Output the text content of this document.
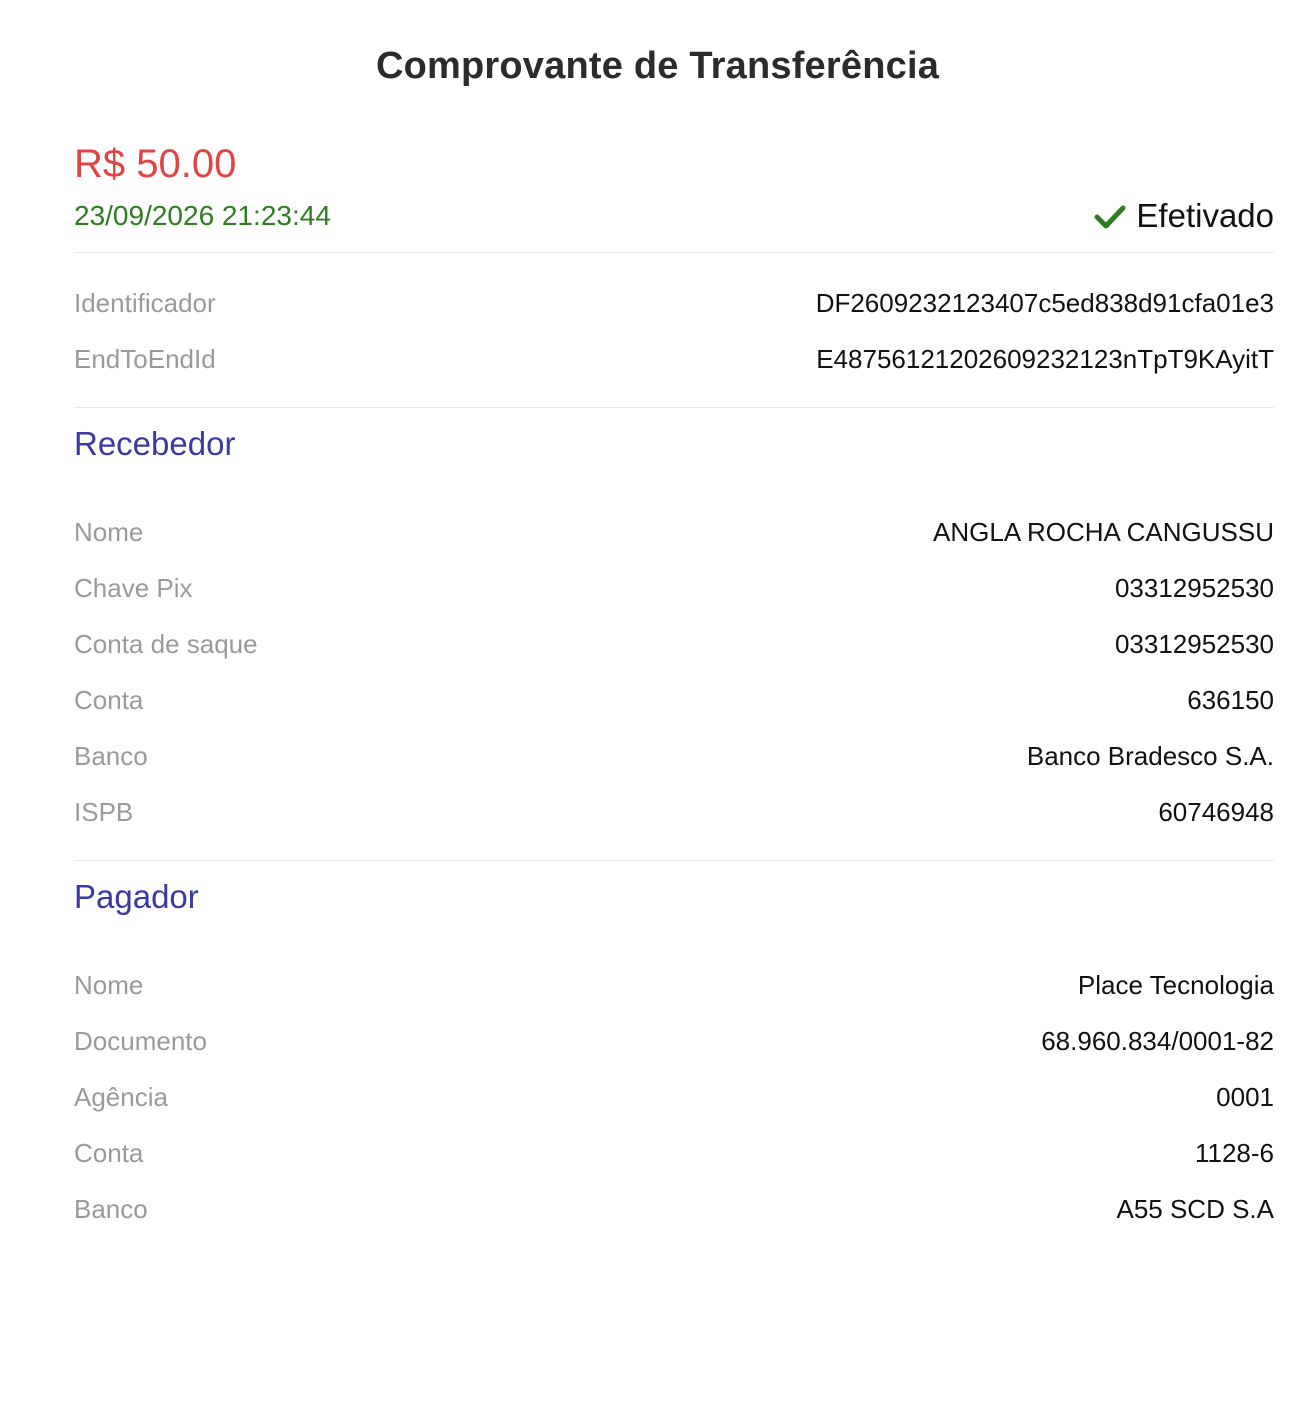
Comprovante de Transferência
R$ 50.00
23/09/2026 21:23:44	Efetivado
Identificador	DF2609232123407c5ed838d91cfa01e3
EndToEndId	E48756121202609232123nTpT9KAyitT
Recebedor
Nome	ANGLA ROCHA CANGUSSU
Chave Pix	03312952530
Conta de saque	03312952530
Conta	636150
Banco	Banco Bradesco S.A.
ISPB	60746948
Pagador
Nome	Place Tecnologia
Documento	68.960.834/0001-82
Agência	0001
Conta	1128-6
Banco	A55 SCD S.A
